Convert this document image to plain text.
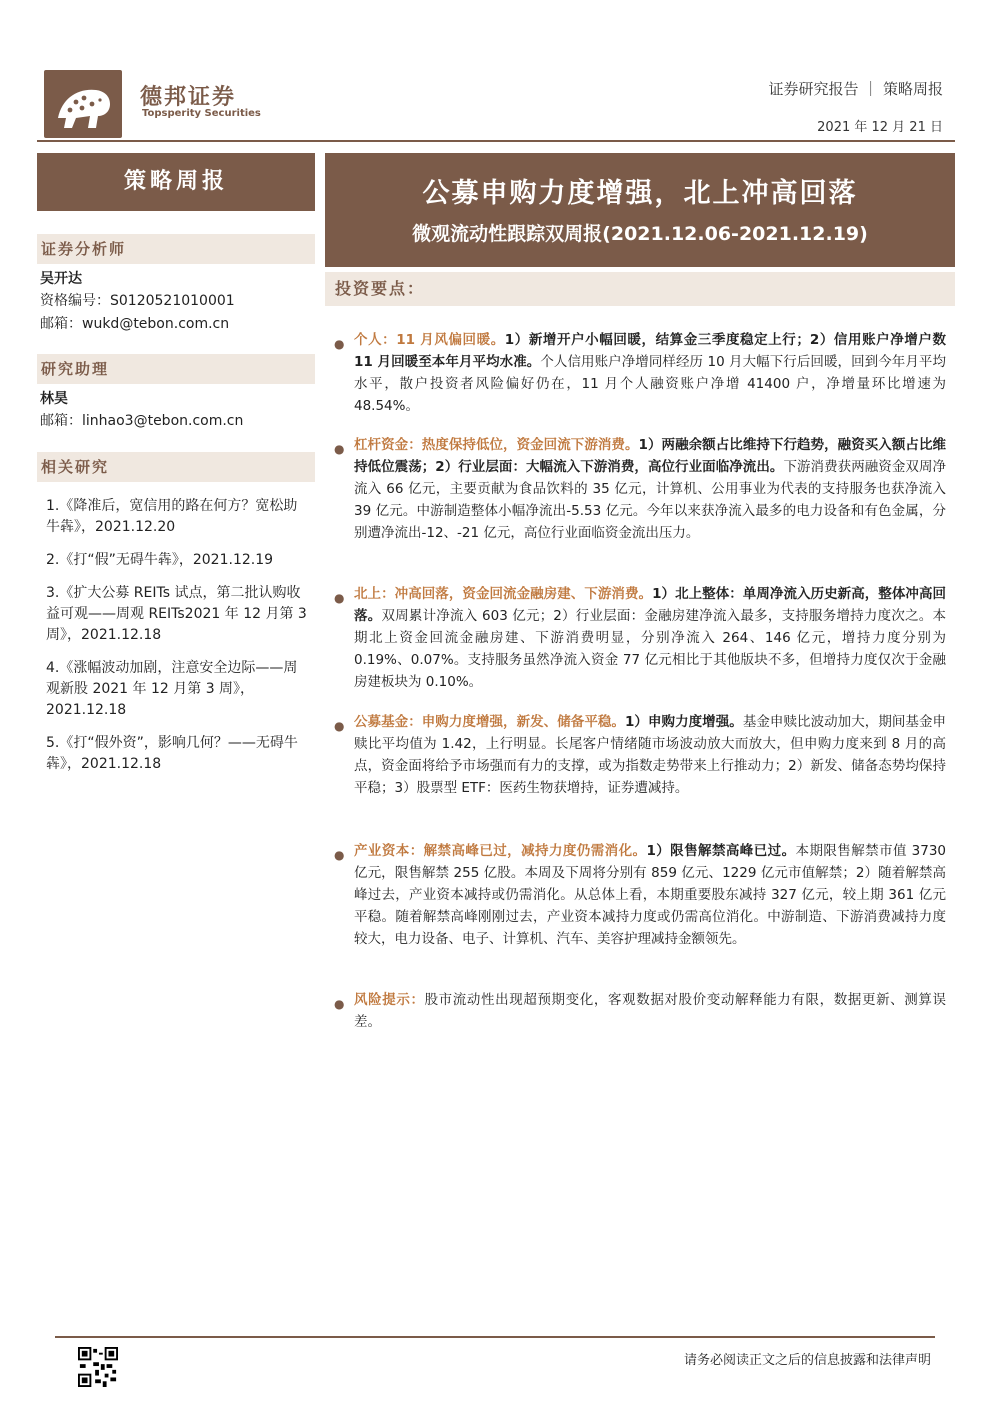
德邦证券
Topsperity Securities
证券研究报告 ｜ 策略周报
2021 年 12 月 21 日
策略周报
证券分析师
吴开达
资格编号：S0120521010001
邮箱：wukd@tebon.com.cn
研究助理
林昊
邮箱：linhao3@tebon.com.cn
相关研究

1.《降准后，宽信用的路在何方？宽松助牛犇》，2021.12.20

2.《打“假”无碍牛犇》，2021.12.19

3.《扩大公募 REITs 试点，第二批认购收益可观——周观 REITs2021 年 12 月第 3 周》，2021.12.18

4.《涨幅波动加剧，注意安全边际——周观新股 2021 年 12 月第 3 周》，2021.12.18

5.《打“假外资”，影响几何？——无碍牛犇》，2021.12.18

公募申购力度增强，北上冲高回落
微观流动性跟踪双周报(2021.12.06-2021.12.19)
投资要点：
● 个人：11 月风偏回暖。1）新增开户小幅回暖，结算金三季度稳定上行；2）信用账户净增户数 11 月回暖至本年月平均水准。个人信用账户净增同样经历 10 月大幅下行后回暖，回到今年月平均水平，散户投资者风险偏好仍在，11 月个人融资账户净增 41400 户，净增量环比增速为 48.54%。
● 杠杆资金：热度保持低位，资金回流下游消费。1）两融余额占比维持下行趋势，融资买入额占比维持低位震荡；2）行业层面：大幅流入下游消费，高位行业面临净流出。下游消费获两融资金双周净流入 66 亿元，主要贡献为食品饮料的 35 亿元，计算机、公用事业为代表的支持服务也获净流入 39 亿元。中游制造整体小幅净流出-5.53 亿元。今年以来获净流入最多的电力设备和有色金属，分别遭净流出-12、-21 亿元，高位行业面临资金流出压力。
● 北上：冲高回落，资金回流金融房建、下游消费。1）北上整体：单周净流入历史新高，整体冲高回落。双周累计净流入 603 亿元；2）行业层面：金融房建净流入最多，支持服务增持力度次之。本期北上资金回流金融房建、下游消费明显，分别净流入 264、146 亿元，增持力度分别为 0.19%、0.07%。支持服务虽然净流入资金 77 亿元相比于其他版块不多，但增持力度仅次于金融房建板块为 0.10%。
● 公募基金：申购力度增强，新发、储备平稳。1）申购力度增强。基金申赎比波动加大，期间基金申赎比平均值为 1.42，上行明显。长尾客户情绪随市场波动放大而放大，但申购力度来到 8 月的高点，资金面将给予市场强而有力的支撑，或为指数走势带来上行推动力；2）新发、储备态势均保持平稳；3）股票型 ETF：医药生物获增持，证券遭减持。
● 产业资本：解禁高峰已过，减持力度仍需消化。1）限售解禁高峰已过。本期限售解禁市值 3730 亿元，限售解禁 255 亿股。本周及下周将分别有 859 亿元、1229 亿元市值解禁；2）随着解禁高峰过去，产业资本减持或仍需消化。从总体上看，本期重要股东减持 327 亿元，较上期 361 亿元平稳。随着解禁高峰刚刚过去，产业资本减持力度或仍需高位消化。中游制造、下游消费减持力度较大，电力设备、电子、计算机、汽车、美容护理减持金额领先。
● 风险提示：股市流动性出现超预期变化，客观数据对股价变动解释能力有限，数据更新、测算误差。
请务必阅读正文之后的信息披露和法律声明
